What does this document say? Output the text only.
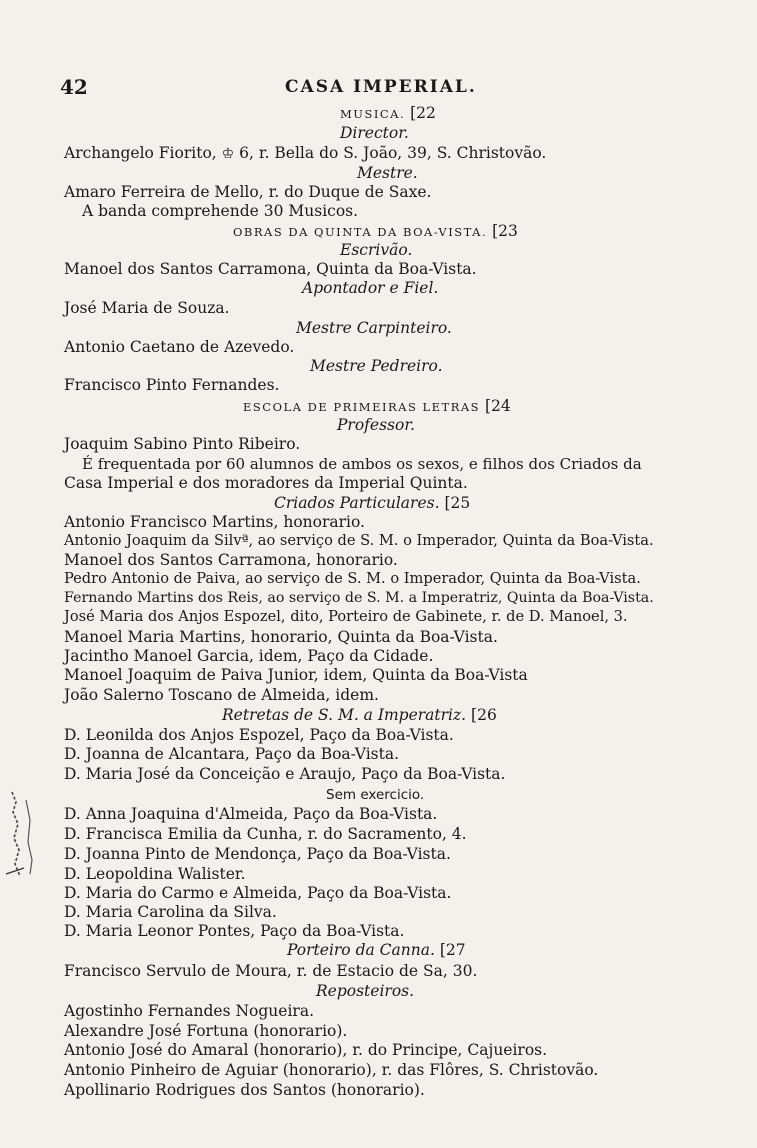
42	CASA IMPERIAL.
MUSICA. [22
Director.
Archangelo Fiorito, ♔ 6, r. Bella do S. João, 39, S. Christovão.
Mestre.
Amaro Ferreira de Mello, r. do Duque de Saxe.
A banda comprehende 30 Musicos.
OBRAS DA QUINTA DA BOA-VISTA. [23
Escrivão.
Manoel dos Santos Carramona, Quinta da Boa-Vista.
Apontador e Fiel.
José Maria de Souza.
Mestre Carpinteiro.
Antonio Caetano de Azevedo.
Mestre Pedreiro.
Francisco Pinto Fernandes.
ESCOLA DE PRIMEIRAS LETRAS [24
Professor.
Joaquim Sabino Pinto Ribeiro.
É frequentada por 60 alumnos de ambos os sexos, e filhos dos Criados da
Casa Imperial e dos moradores da Imperial Quinta.
Criados Particulares. [25
Antonio Francisco Martins, honorario.
Antonio Joaquim da Silvª, ao serviço de S. M. o Imperador, Quinta da Boa-Vista.
Manoel dos Santos Carramona, honorario.
Pedro Antonio de Paiva, ao serviço de S. M. o Imperador, Quinta da Boa-Vista.
Fernando Martins dos Reis, ao serviço de S. M. a Imperatriz, Quinta da Boa-Vista.
José Maria dos Anjos Espozel, dito, Porteiro de Gabinete, r. de D. Manoel, 3.
Manoel Maria Martins, honorario, Quinta da Boa-Vista.
Jacintho Manoel Garcia, idem, Paço da Cidade.
Manoel Joaquim de Paiva Junior, idem, Quinta da Boa-Vista
João Salerno Toscano de Almeida, idem.
Retretas de S. M. a Imperatriz. [26
D. Leonilda dos Anjos Espozel, Paço da Boa-Vista.
D. Joanna de Alcantara, Paço da Boa-Vista.
D. Maria José da Conceição e Araujo, Paço da Boa-Vista.
Sem exercicio.
D. Anna Joaquina d'Almeida, Paço da Boa-Vista.
D. Francisca Emilia da Cunha, r. do Sacramento, 4.
D. Joanna Pinto de Mendonça, Paço da Boa-Vista.
D. Leopoldina Walister.
D. Maria do Carmo e Almeida, Paço da Boa-Vista.
D. Maria Carolina da Silva.
D. Maria Leonor Pontes, Paço da Boa-Vista.
Porteiro da Canna. [27
Francisco Servulo de Moura, r. de Estacio de Sa, 30.
Reposteiros.
Agostinho Fernandes Nogueira.
Alexandre José Fortuna (honorario).
Antonio José do Amaral (honorario), r. do Principe, Cajueiros.
Antonio Pinheiro de Aguiar (honorario), r. das Flôres, S. Christovão.
Apollinario Rodrigues dos Santos (honorario).
